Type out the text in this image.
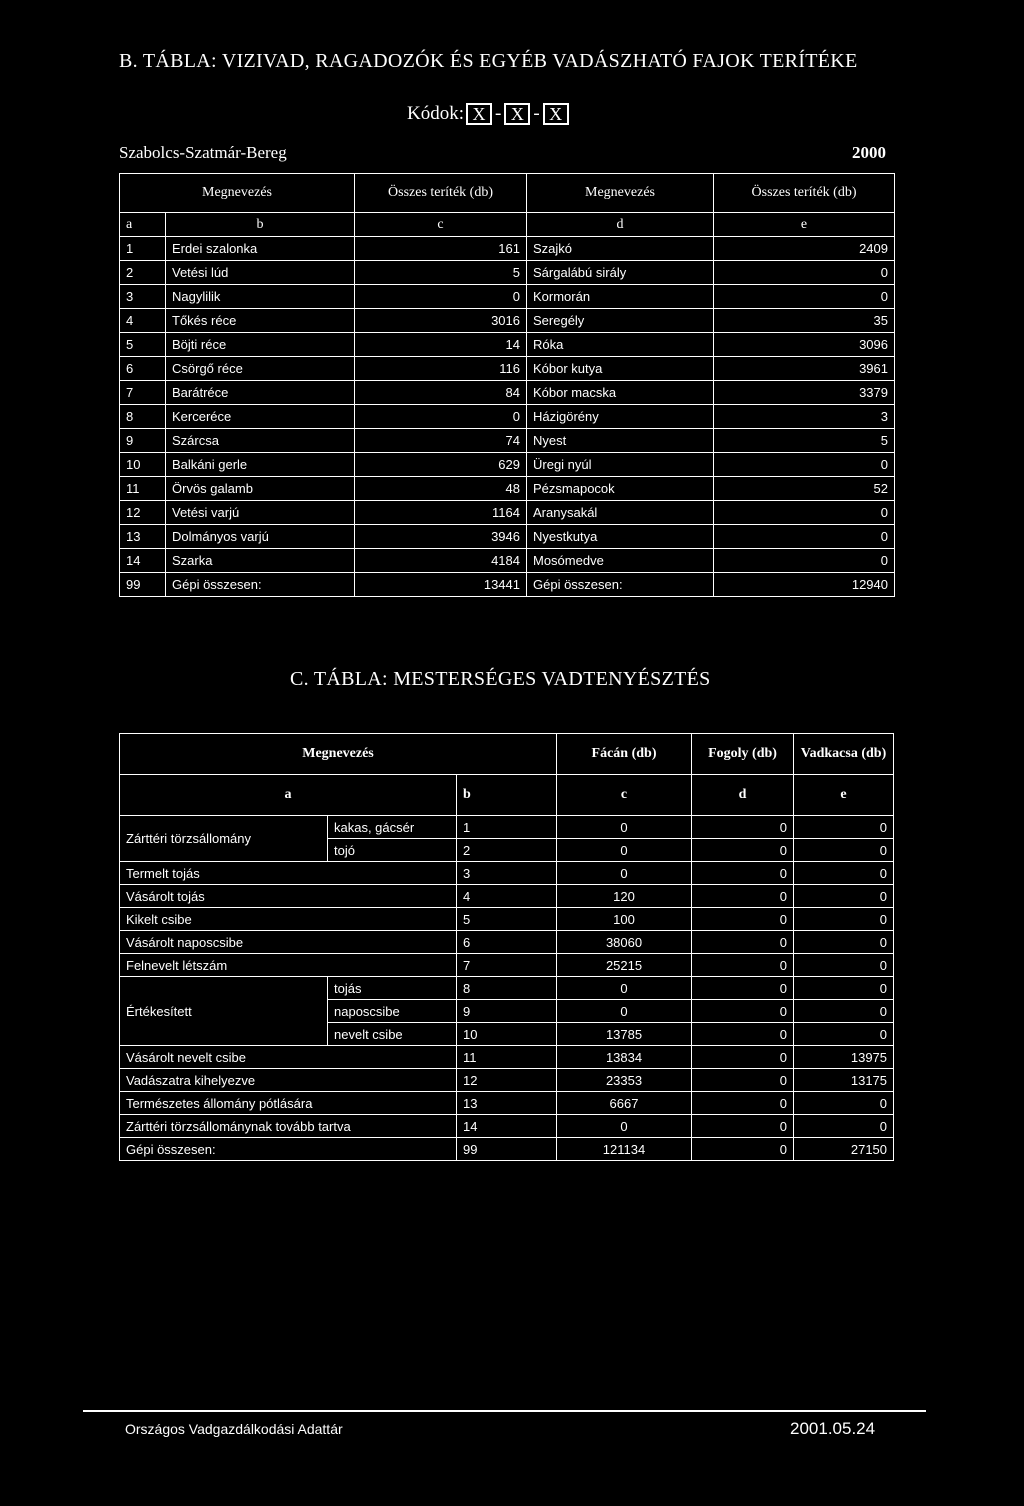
B. TÁBLA: VIZIVAD, RAGADOZÓK ÉS EGYÉB VADÁSZHATÓ FAJOK TERÍTÉKE
Kódok: X - X - X
Szabolcs-Szatmár-Bereg	2000
Megnevezés		Összes teríték (db)	Megnevezés	Összes teríték (db)
a	b	c	d	e
1	Erdei szalonka	161	Szajkó	2409
2	Vetési lúd	5	Sárgalábú sirály	0
3	Nagylilik	0	Kormorán	0
4	Tőkés réce	3016	Seregély	35
5	Böjti réce	14	Róka	3096
6	Csörgő réce	116	Kóbor kutya	3961
7	Barátréce	84	Kóbor macska	3379
8	Kercerécе	0	Házigörény	3
9	Szárcsa	74	Nyest	5
10	Balkáni gerle	629	Üregi nyúl	0
11	Örvös galamb	48	Pézsmapocok	52
12	Vetési varjú	1164	Aranysakál	0
13	Dolmányos varjú	3946	Nyestkutya	0
14	Szarka	4184	Mosómedve	0
99	Gépi összesen:	13441	Gépi összesen:	12940
C. TÁBLA: MESTERSÉGES VADTENYÉSZTÉS
Megnevezés			Fácán (db)	Fogoly (db)	Vadkacsa (db)
a		b	c	d	e
Zárttéri törzsállomány	kakas, gácsér	1	0	0	0
	tojó	2	0	0	0
Termelt tojás		3	0	0	0
Vásárolt tojás		4	120	0	0
Kikelt csibe		5	100	0	0
Vásárolt naposcsibe		6	38060	0	0
Felnevelt létszám		7	25215	0	0
Értékesített	tojás	8	0	0	0
	naposcsibe	9	0	0	0
	nevelt csibe	10	13785	0	0
Vásárolt nevelt csibe		11	13834	0	13975
Vadászatra kihelyezve		12	23353	0	13175
Természetes állomány pótlására		13	6667	0	0
Zárttéri törzsállománynak tovább tartva		14	0	0	0
Gépi összesen:		99	121134	0	27150
Országos Vadgazdálkodási Adattár	2001.05.24
